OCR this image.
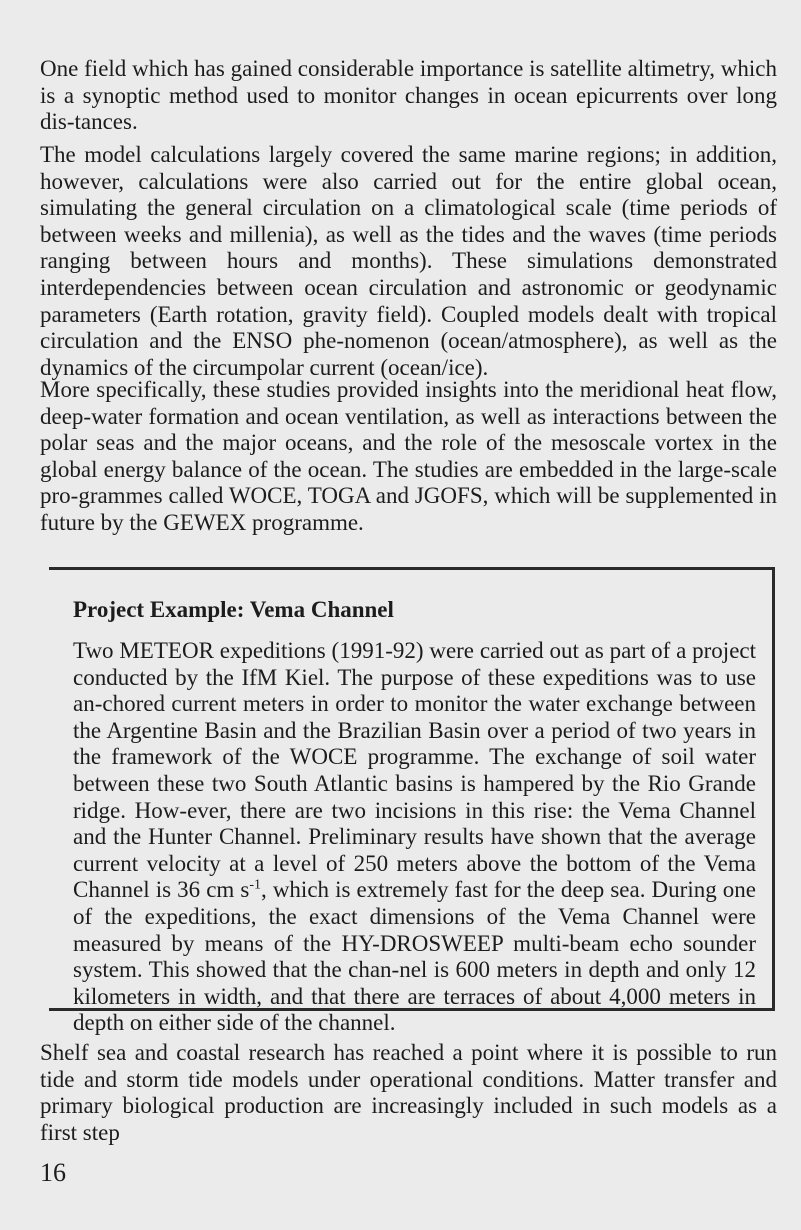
One field which has gained considerable importance is satellite altimetry, which is a synoptic method used to monitor changes in ocean epicurrents over long dis-tances.

The model calculations largely covered the same marine regions; in addition, however, calculations were also carried out for the entire global ocean, simulating the general circulation on a climatological scale (time periods of between weeks and millenia), as well as the tides and the waves (time periods ranging between hours and months). These simulations demonstrated interdependencies between ocean circulation and astronomic or geodynamic parameters (Earth rotation, gravity field). Coupled models dealt with tropical circulation and the ENSO phe-nomenon (ocean/atmosphere), as well as the dynamics of the circumpolar current (ocean/ice).

More specifically, these studies provided insights into the meridional heat flow, deep-water formation and ocean ventilation, as well as interactions between the polar seas and the major oceans, and the role of the mesoscale vortex in the global energy balance of the ocean. The studies are embedded in the large-scale pro-grammes called WOCE, TOGA and JGOFS, which will be supplemented in future by the GEWEX programme.

Project Example: Vema Channel

Two METEOR expeditions (1991-92) were carried out as part of a project conducted by the IfM Kiel. The purpose of these expeditions was to use an-chored current meters in order to monitor the water exchange between the Argentine Basin and the Brazilian Basin over a period of two years in the framework of the WOCE programme. The exchange of soil water between these two South Atlantic basins is hampered by the Rio Grande ridge. How-ever, there are two incisions in this rise: the Vema Channel and the Hunter Channel. Preliminary results have shown that the average current velocity at a level of 250 meters above the bottom of the Vema Channel is 36 cm $s^{-1}$, which is extremely fast for the deep sea. During one of the expeditions, the exact dimensions of the Vema Channel were measured by means of the HY-DROSWEEP multi-beam echo sounder system. This showed that the chan-nel is 600 meters in depth and only 12 kilometers in width, and that there are terraces of about 4,000 meters in depth on either side of the channel.

Shelf sea and coastal research has reached a point where it is possible to run tide and storm tide models under operational conditions. Matter transfer and primary biological production are increasingly included in such models as a first step

16
